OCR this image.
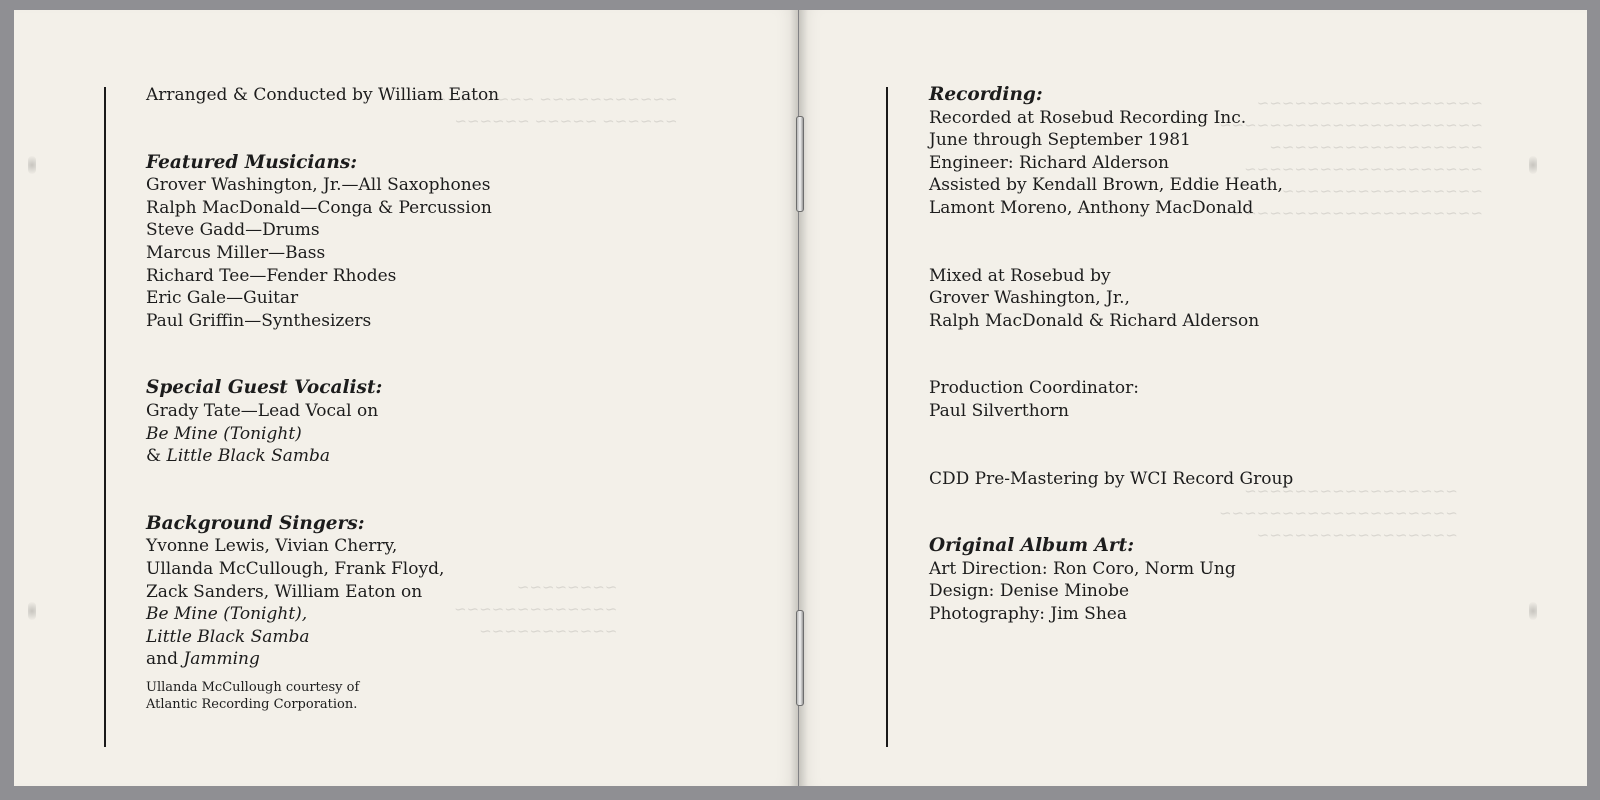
~~~~~~~~~~~ ~~~~~~~~
~~~~~~ ~~~~~ ~~~~~~
~~~~~~~~
~~~~~~~~~~~~~
~~~~~~~~~~~
~~~~~~~~~~~~~~~~~~
~~~~~~~~~~~~~~~~~~~~~
~~~~~~~~~~~~~~~~~
~~~~~~~~~~~~~~~~~~~
~~~~~~~~~~~~~~~~
~~~~~~~~~~~~~~~~~~~~
~~~~~~~~~~~~~~~~~
~~~~~~~~~~~~~~~~~~~
~~~~~~~~~~~~~~~~
Arranged & Conducted by William Eaton
Featured Musicians:
Grover Washington, Jr.—All Saxophones
Ralph MacDonald—Conga & Percussion
Steve Gadd—Drums
Marcus Miller—Bass
Richard Tee—Fender Rhodes
Eric Gale—Guitar
Paul Griffin—Synthesizers
Special Guest Vocalist:
Grady Tate—Lead Vocal on
Be Mine (Tonight)
& Little Black Samba
Background Singers:
Yvonne Lewis, Vivian Cherry,
Ullanda McCullough, Frank Floyd,
Zack Sanders, William Eaton on
Be Mine (Tonight),
Little Black Samba
and Jamming
Ullanda McCullough courtesy of
Atlantic Recording Corporation.
Recording:
Recorded at Rosebud Recording Inc.
June through September 1981
Engineer: Richard Alderson
Assisted by Kendall Brown, Eddie Heath,
Lamont Moreno, Anthony MacDonald
Mixed at Rosebud by
Grover Washington, Jr.,
Ralph MacDonald & Richard Alderson
Production Coordinator:
Paul Silverthorn
CDD Pre-Mastering by WCI Record Group
Original Album Art:
Art Direction: Ron Coro, Norm Ung
Design: Denise Minobe
Photography: Jim Shea
